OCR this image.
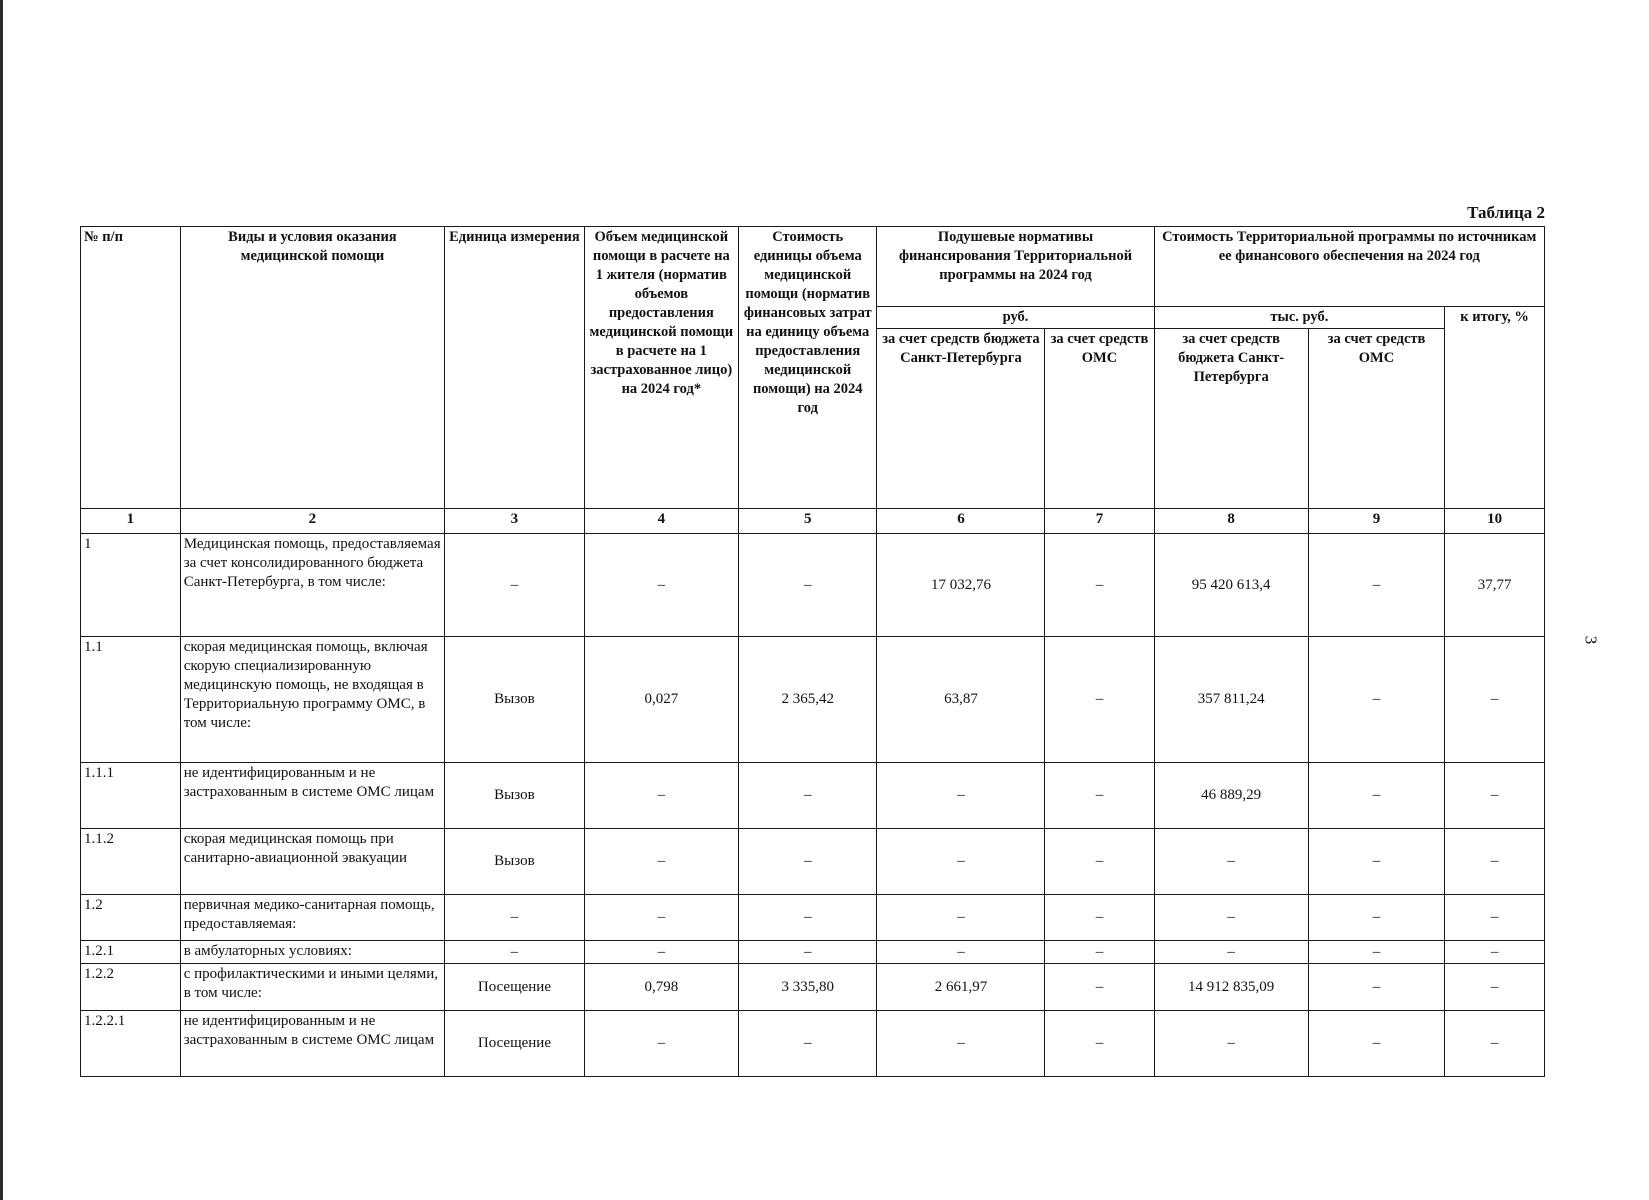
3
Таблица 2
№ п/п	Виды и условия оказания медицинской помощи	Единица измерения	Объем медицинской помощи в расчете на 1 жителя (норматив объемов предоставления медицинской помощи в расчете на 1 застрахованное лицо) на 2024 год*	Стоимость единицы объема медицинской помощи (норматив финансовых затрат на единицу объема предоставления медицинской помощи) на 2024 год	Подушевые нормативы финансирования Территориальной программы на 2024 год		Стоимость Территориальной программы по источникам ее финансового обеспечения на 2024 год		
					руб.		тыс. руб.		к итогу, %
					за счет средств бюджета Санкт-Петербурга	за счет средств ОМС	за счет средств бюджета Санкт-Петербурга	за счет средств ОМС	
1	2	3	4	5	6	7	8	9	10
1	Медицинская помощь, предоставляемая за счет консолидированного бюджета Санкт-Петербурга, в том числе:	–	–	–	17 032,76	–	95 420 613,4	–	37,77
1.1	скорая медицинская помощь, включая скорую специализированную медицинскую помощь, не входящая в Территориальную программу ОМС, в том числе:	Вызов	0,027	2 365,42	63,87	–	357 811,24	–	–
1.1.1	не идентифицированным и не застрахованным в системе ОМС лицам	Вызов	–	–	–	–	46 889,29	–	–
1.1.2	скорая медицинская помощь при санитарно-авиационной эвакуации	Вызов	–	–	–	–	–	–	–
1.2	первичная медико-санитарная помощь, предоставляемая:	–	–	–	–	–	–	–	–
1.2.1	в амбулаторных условиях:	–	–	–	–	–	–	–	–
1.2.2	с профилактическими и иными целями, в том числе:	Посещение	0,798	3 335,80	2 661,97	–	14 912 835,09	–	–
1.2.2.1	не идентифицированным и не застрахованным в системе ОМС лицам	Посещение	–	–	–	–	–	–	–
